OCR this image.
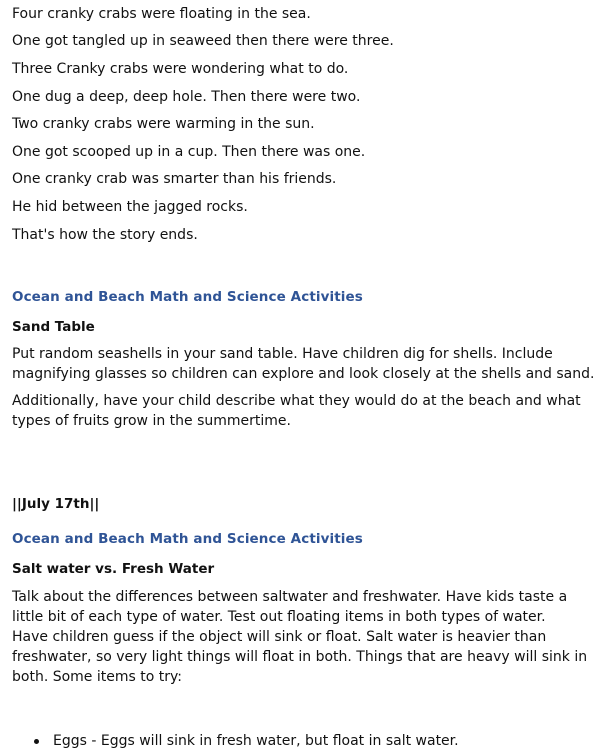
Four cranky crabs were floating in the sea.
One got tangled up in seaweed then there were three.
Three Cranky crabs were wondering what to do.
One dug a deep, deep hole. Then there were two.
Two cranky crabs were warming in the sun.
One got scooped up in a cup. Then there was one.
One cranky crab was smarter than his friends.
He hid between the jagged rocks.
That's how the story ends.
Ocean and Beach Math and Science Activities
Sand Table
Put random seashells in your sand table. Have children dig for shells. Include
magnifying glasses so children can explore and look closely at the shells and sand.
Additionally, have your child describe what they would do at the beach and what
types of fruits grow in the summertime.
||July 17th||
Ocean and Beach Math and Science Activities
Salt water vs. Fresh Water
Talk about the differences between saltwater and freshwater. Have kids taste a
little bit of each type of water. Test out floating items in both types of water.
Have children guess if the object will sink or float. Salt water is heavier than
freshwater, so very light things will float in both. Things that are heavy will sink in
both. Some items to try:
Eggs - Eggs will sink in fresh water, but float in salt water.
